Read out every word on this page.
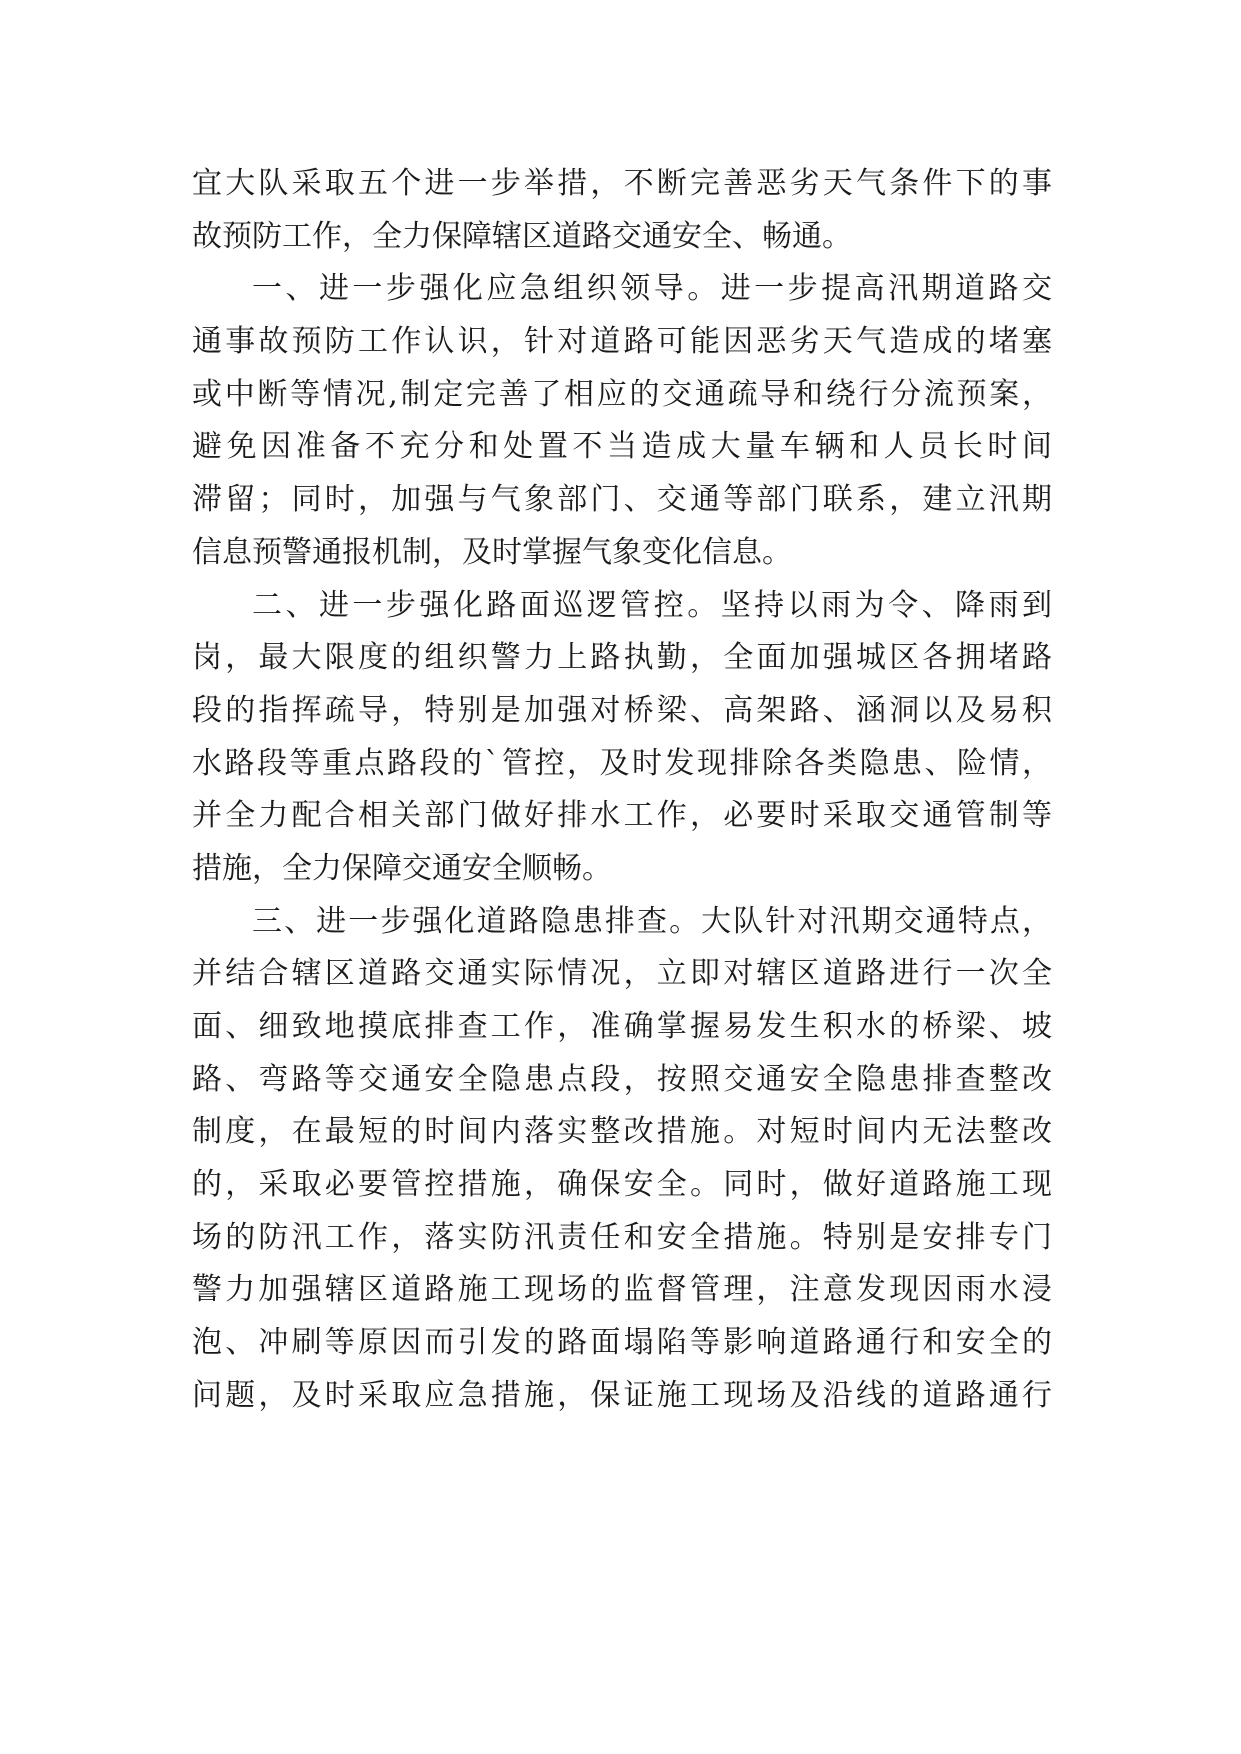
宜大队采取五个进一步举措，不断完善恶劣天气条件下的事
故预防工作，全力保障辖区道路交通安全、畅通。
一、进一步强化应急组织领导。进一步提高汛期道路交
通事故预防工作认识，针对道路可能因恶劣天气造成的堵塞
或中断等情况,制定完善了相应的交通疏导和绕行分流预案，
避免因准备不充分和处置不当造成大量车辆和人员长时间
滞留；同时，加强与气象部门、交通等部门联系，建立汛期
信息预警通报机制，及时掌握气象变化信息。
二、进一步强化路面巡逻管控。坚持以雨为令、降雨到
岗，最大限度的组织警力上路执勤，全面加强城区各拥堵路
段的指挥疏导，特别是加强对桥梁、高架路、涵洞以及易积
水路段等重点路段的`管控，及时发现排除各类隐患、险情，
并全力配合相关部门做好排水工作，必要时采取交通管制等
措施，全力保障交通安全顺畅。
三、进一步强化道路隐患排查。大队针对汛期交通特点，
并结合辖区道路交通实际情况，立即对辖区道路进行一次全
面、细致地摸底排查工作，准确掌握易发生积水的桥梁、坡
路、弯路等交通安全隐患点段，按照交通安全隐患排查整改
制度，在最短的时间内落实整改措施。对短时间内无法整改
的，采取必要管控措施，确保安全。同时，做好道路施工现
场的防汛工作，落实防汛责任和安全措施。特别是安排专门
警力加强辖区道路施工现场的监督管理，注意发现因雨水浸
泡、冲刷等原因而引发的路面塌陷等影响道路通行和安全的
问题，及时采取应急措施，保证施工现场及沿线的道路通行
